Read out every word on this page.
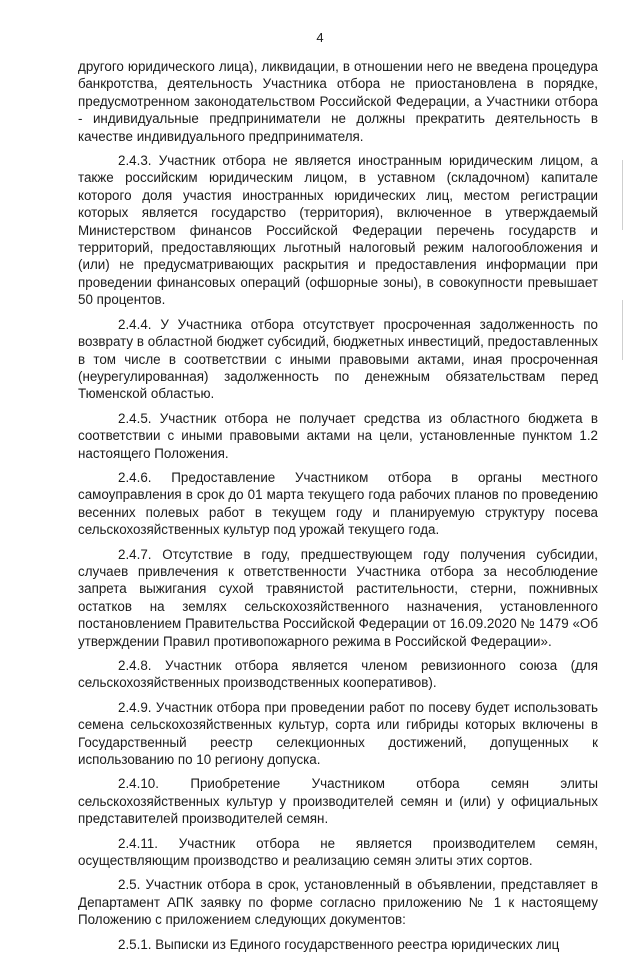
4

другого юридического лица), ликвидации, в отношении него не введена процедура банкротства, деятельность Участника отбора не приостановлена в порядке, предусмотренном законодательством Российской Федерации, а Участники отбора - индивидуальные предприниматели не должны прекратить деятельность в качестве индивидуального предпринимателя.

2.4.3. Участник отбора не является иностранным юридическим лицом, а также российским юридическим лицом, в уставном (складочном) капитале которого доля участия иностранных юридических лиц, местом регистрации которых является государство (территория), включенное в утверждаемый Министерством финансов Российской Федерации перечень государств и территорий, предоставляющих льготный налоговый режим налогообложения и (или) не предусматривающих раскрытия и предоставления информации при проведении финансовых операций (офшорные зоны), в совокупности превышает 50 процентов.

2.4.4. У Участника отбора отсутствует просроченная задолженность по возврату в областной бюджет субсидий, бюджетных инвестиций, предоставленных в том числе в соответствии с иными правовыми актами, иная просроченная (неурегулированная) задолженность по денежным обязательствам перед Тюменской областью.

2.4.5. Участник отбора не получает средства из областного бюджета в соответствии с иными правовыми актами на цели, установленные пунктом 1.2 настоящего Положения.

2.4.6. Предоставление Участником отбора в органы местного самоуправления в срок до 01 марта текущего года рабочих планов по проведению весенних полевых работ в текущем году и планируемую структуру посева сельскохозяйственных культур под урожай текущего года.

2.4.7. Отсутствие в году, предшествующем году получения субсидии, случаев привлечения к ответственности Участника отбора за несоблюдение запрета выжигания сухой травянистой растительности, стерни, пожнивных остатков на землях сельскохозяйственного назначения, установленного постановлением Правительства Российской Федерации от 16.09.2020 № 1479 «Об утверждении Правил противопожарного режима в Российской Федерации».

2.4.8. Участник отбора является членом ревизионного союза (для сельскохозяйственных производственных кооперативов).

2.4.9. Участник отбора при проведении работ по посеву будет использовать семена сельскохозяйственных культур, сорта или гибриды которых включены в Государственный реестр селекционных достижений, допущенных к использованию по 10 региону допуска.

2.4.10. Приобретение Участником отбора семян элиты сельскохозяйственных культур у производителей семян и (или) у официальных представителей производителей семян.

2.4.11. Участник отбора не является производителем семян, осуществляющим производство и реализацию семян элиты этих сортов.

2.5. Участник отбора в срок, установленный в объявлении, представляет в Департамент АПК заявку по форме согласно приложению № 1 к настоящему Положению с приложением следующих документов:

2.5.1. Выписки из Единого государственного реестра юридических лиц
